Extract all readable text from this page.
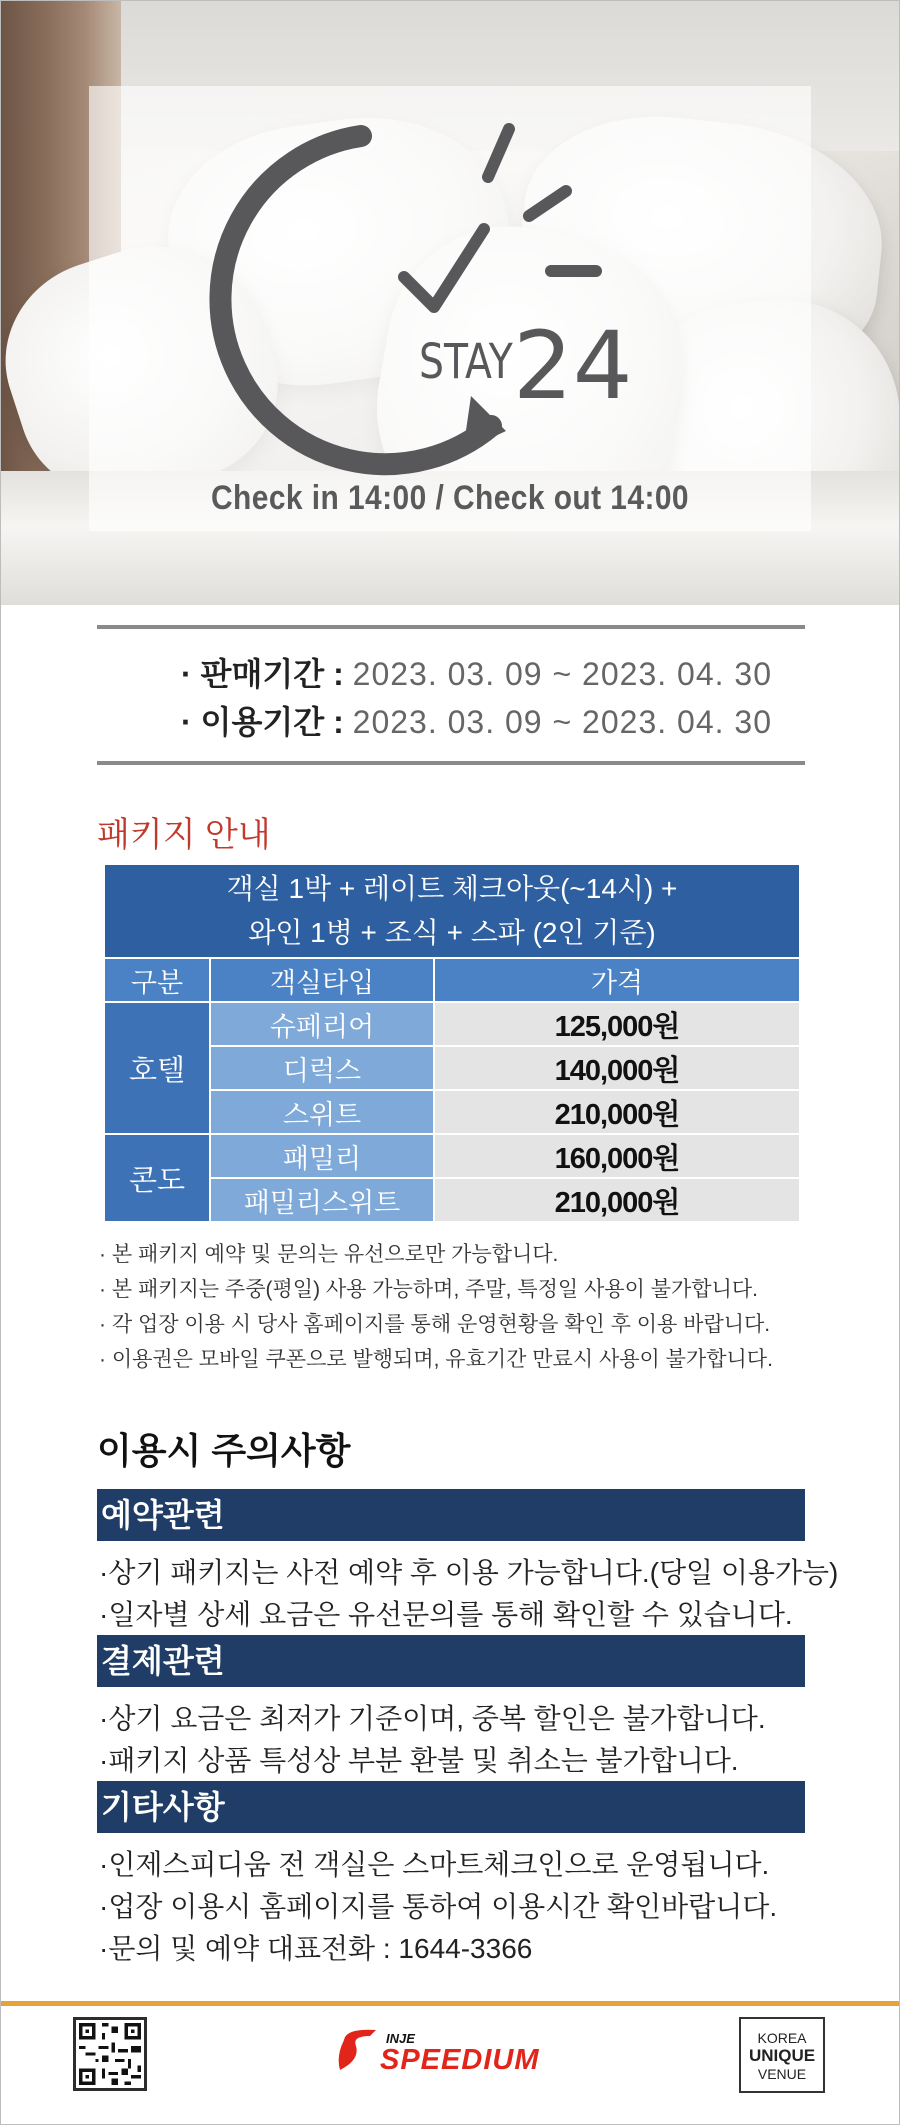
STAY 24
Check in 14:00 / Check out 14:00
· 판매기간 : 2023. 03. 09 ~ 2023. 04. 30
· 이용기간 : 2023. 03. 09 ~ 2023. 04. 30
패키지 안내
객실 1박 + 레이트 체크아웃(~14시) +
와인 1병 + 조식 + 스파 (2인 기준)		

구분	객실타입	가격
호텔	슈페리어	125,000원
	디럭스	140,000원
	스위트	210,000원
콘도	패밀리	160,000원
	패밀리스위트	210,000원
· 본 패키지 예약 및 문의는 유선으로만 가능합니다.
· 본 패키지는 주중(평일) 사용 가능하며, 주말, 특정일 사용이 불가합니다.
· 각 업장 이용 시 당사 홈페이지를 통해 운영현황을 확인 후 이용 바랍니다.
· 이용권은 모바일 쿠폰으로 발행되며, 유효기간 만료시 사용이 불가합니다.
이용시 주의사항
예약관련
·상기 패키지는 사전 예약 후 이용 가능합니다.(당일 이용가능)
·일자별 상세 요금은 유선문의를 통해 확인할 수 있습니다.
결제관련
·상기 요금은 최저가 기준이며, 중복 할인은 불가합니다.
·패키지 상품 특성상 부분 환불 및 취소는 불가합니다.
기타사항
·인제스피디움 전 객실은 스마트체크인으로 운영됩니다.
·업장 이용시 홈페이지를 통하여 이용시간 확인바랍니다.
·문의 및 예약 대표전화 : 1644-3366
INJE
SPEEDIUM
KOREA
UNIQUE
VENUE
